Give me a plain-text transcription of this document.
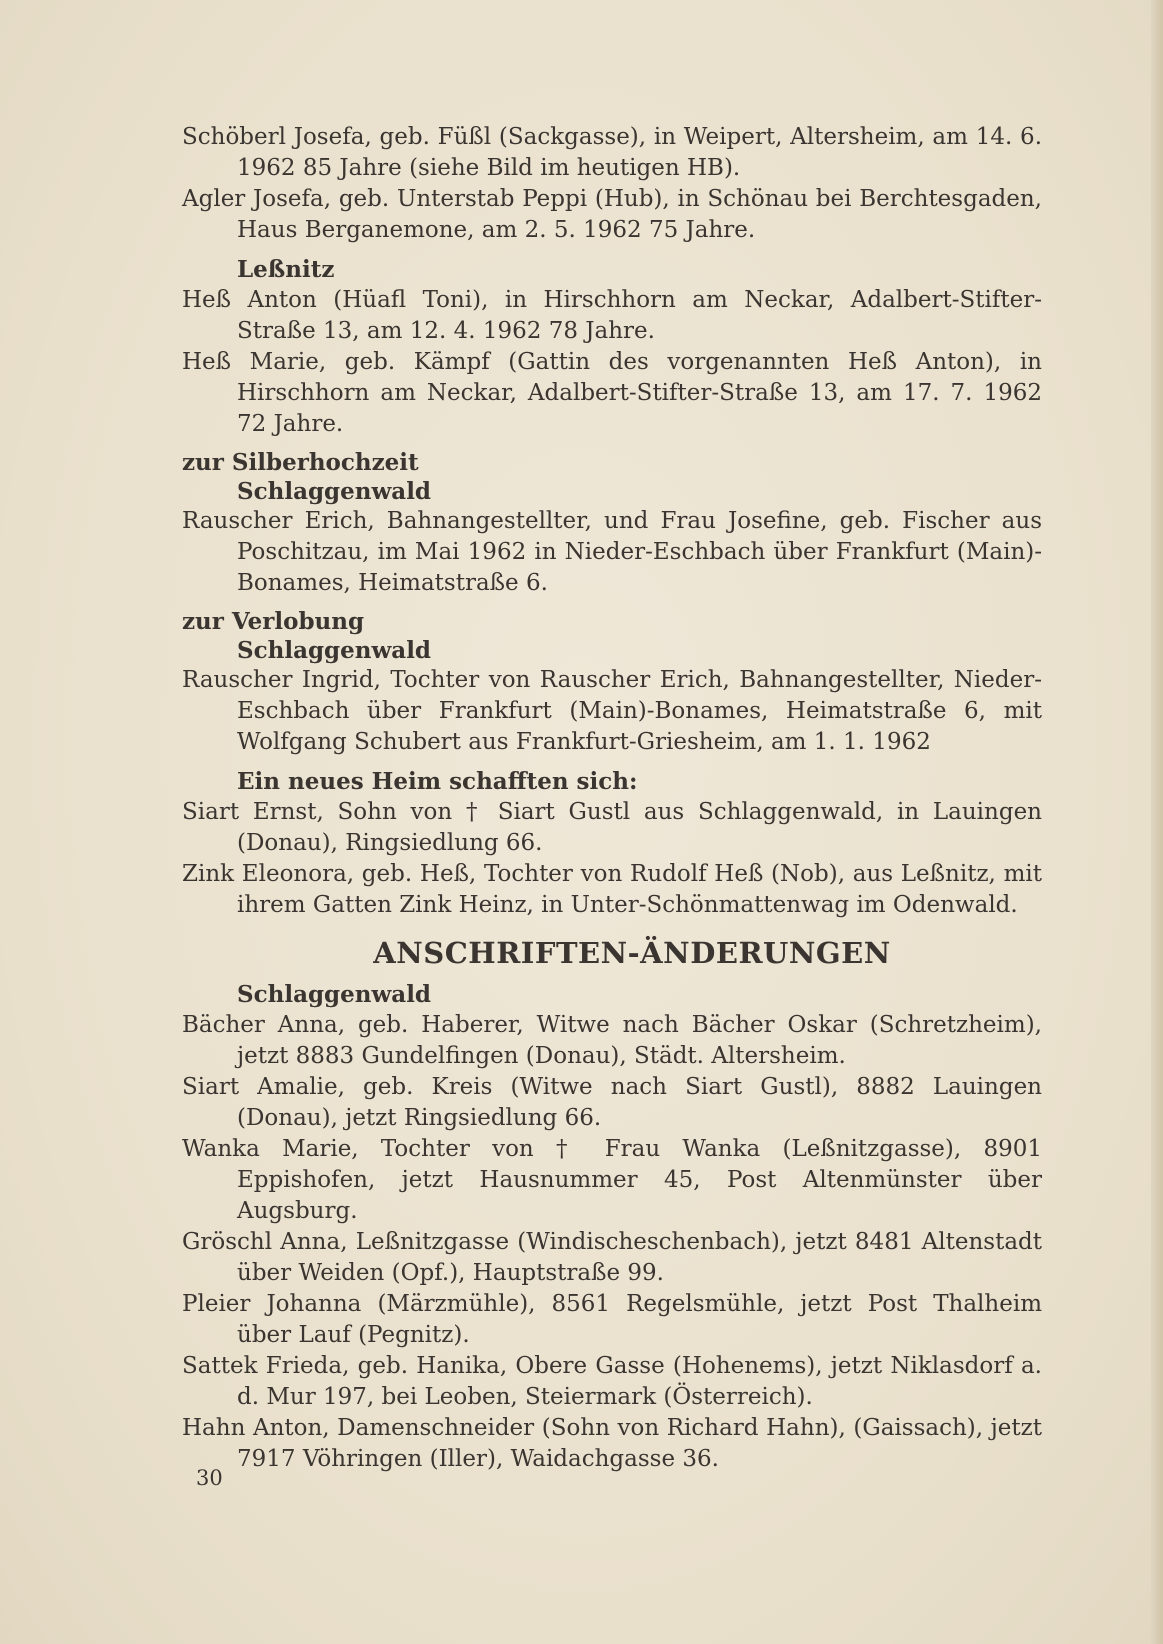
Schöberl Josefa, geb. Füßl (Sackgasse), in Weipert, Altersheim, am 14. 6. 1962 85 Jahre (siehe Bild im heutigen HB).

Agler Josefa, geb. Unterstab Peppi (Hub), in Schönau bei Berchtesgaden, Haus Berganemone, am 2. 5. 1962 75 Jahre.

Leßnitz

Heß Anton (Hüafl Toni), in Hirschhorn am Neckar, Adalbert-Stifter-Straße 13, am 12. 4. 1962 78 Jahre.

Heß Marie, geb. Kämpf (Gattin des vorgenannten Heß Anton), in Hirschhorn am Neckar, Adalbert-Stifter-Straße 13, am 17. 7. 1962 72 Jahre.

zur Silberhochzeit
Schlaggenwald

Rauscher Erich, Bahnangestellter, und Frau Josefine, geb. Fischer aus Poschitzau, im Mai 1962 in Nieder-Eschbach über Frankfurt (Main)-Bonames, Heimatstraße 6.

zur Verlobung
Schlaggenwald

Rauscher Ingrid, Tochter von Rauscher Erich, Bahnangestellter, Nieder-Eschbach über Frankfurt (Main)-Bonames, Heimatstraße 6, mit Wolfgang Schubert aus Frankfurt-Griesheim, am 1. 1. 1962

Ein neues Heim schafften sich:

Siart Ernst, Sohn von † Siart Gustl aus Schlaggenwald, in Lauingen (Donau), Ringsiedlung 66.

Zink Eleonora, geb. Heß, Tochter von Rudolf Heß (Nob), aus Leßnitz, mit ihrem Gatten Zink Heinz, in Unter-Schönmattenwag im Odenwald.

ANSCHRIFTEN-ÄNDERUNGEN
Schlaggenwald

Bächer Anna, geb. Haberer, Witwe nach Bächer Oskar (Schretzheim), jetzt 8883 Gundelfingen (Donau), Städt. Altersheim.

Siart Amalie, geb. Kreis (Witwe nach Siart Gustl), 8882 Lauingen (Donau), jetzt Ringsiedlung 66.

Wanka Marie, Tochter von † Frau Wanka (Leßnitzgasse), 8901 Eppishofen, jetzt Hausnummer 45, Post Altenmünster über Augsburg.

Gröschl Anna, Leßnitzgasse (Windischeschenbach), jetzt 8481 Altenstadt über Weiden (Opf.), Hauptstraße 99.

Pleier Johanna (Märzmühle), 8561 Regelsmühle, jetzt Post Thalheim über Lauf (Pegnitz).

Sattek Frieda, geb. Hanika, Obere Gasse (Hohenems), jetzt Niklasdorf a. d. Mur 197, bei Leoben, Steiermark (Österreich).

Hahn Anton, Damenschneider (Sohn von Richard Hahn), (Gaissach), jetzt 7917 Vöhringen (Iller), Waidachgasse 36.

30
